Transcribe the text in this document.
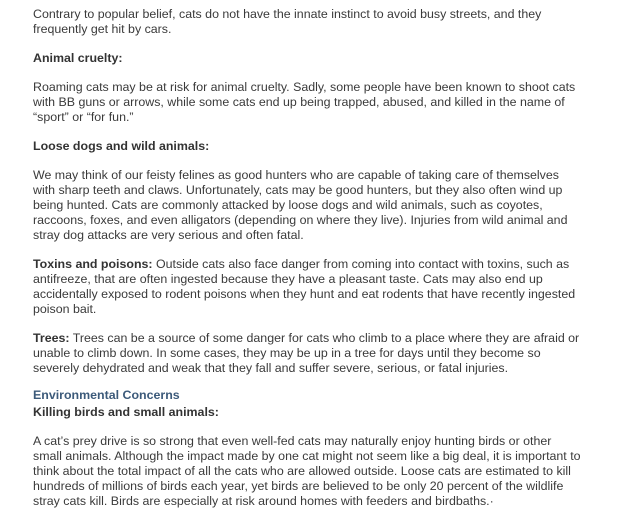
Contrary to popular belief, cats do not have the innate instinct to avoid busy streets, and they frequently get hit by cars.

Animal cruelty:

Roaming cats may be at risk for animal cruelty. Sadly, some people have been known to shoot cats with BB guns or arrows, while some cats end up being trapped, abused, and killed in the name of “sport” or “for fun.”

Loose dogs and wild animals:

We may think of our feisty felines as good hunters who are capable of taking care of themselves with sharp teeth and claws. Unfortunately, cats may be good hunters, but they also often wind up being hunted. Cats are commonly attacked by loose dogs and wild animals, such as coyotes, raccoons, foxes, and even alligators (depending on where they live). Injuries from wild animal and stray dog attacks are very serious and often fatal.

Toxins and poisons: Outside cats also face danger from coming into contact with toxins, such as antifreeze, that are often ingested because they have a pleasant taste. Cats may also end up accidentally exposed to rodent poisons when they hunt and eat rodents that have recently ingested poison bait.

Trees: Trees can be a source of some danger for cats who climb to a place where they are afraid or unable to climb down. In some cases, they may be up in a tree for days until they become so severely dehydrated and weak that they fall and suffer severe, serious, or fatal injuries.

Environmental Concerns

Killing birds and small animals:

A cat’s prey drive is so strong that even well-fed cats may naturally enjoy hunting birds or other small animals. Although the impact made by one cat might not seem like a big deal, it is important to think about the total impact of all the cats who are allowed outside. Loose cats are estimated to kill hundreds of millions of birds each year, yet birds are believed to be only 20 percent of the wildlife stray cats kill. Birds are especially at risk around homes with feeders and birdbaths.·
